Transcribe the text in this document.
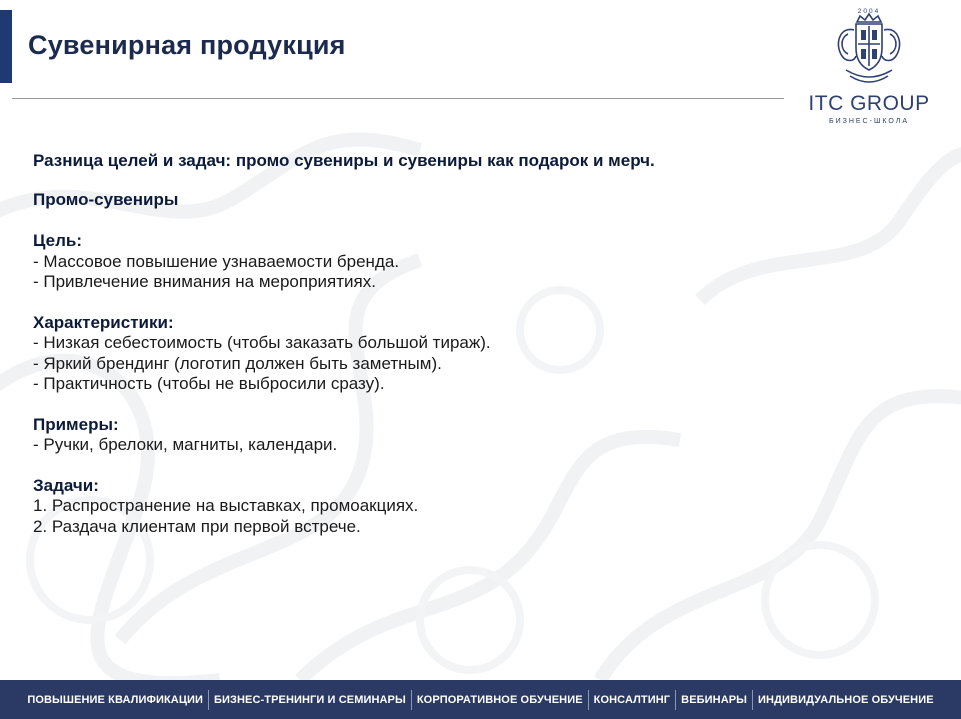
Сувенирная продукция
2004
ITC GROUP
БИЗНЕС-ШКОЛА
Разница целей и задач: промо сувениры и сувениры как подарок и мерч.
Промо-сувениры
Цель:
- Массовое повышение узнаваемости бренда.
- Привлечение внимания на мероприятиях.
Характеристики:
- Низкая себестоимость (чтобы заказать большой тираж).
- Яркий брендинг (логотип должен быть заметным).
- Практичность (чтобы не выбросили сразу).
Примеры:
- Ручки, брелоки, магниты, календари.
Задачи:
1. Распространение на выставках, промоакциях.
2. Раздача клиентам при первой встрече.
ПОВЫШЕНИЕ КВАЛИФИКАЦИИ	БИЗНЕС-ТРЕНИНГИ И СЕМИНАРЫ	КОРПОРАТИВНОЕ ОБУЧЕНИЕ	КОНСАЛТИНГ	ВЕБИНАРЫ	ИНДИВИДУАЛЬНОЕ ОБУЧЕНИЕ
